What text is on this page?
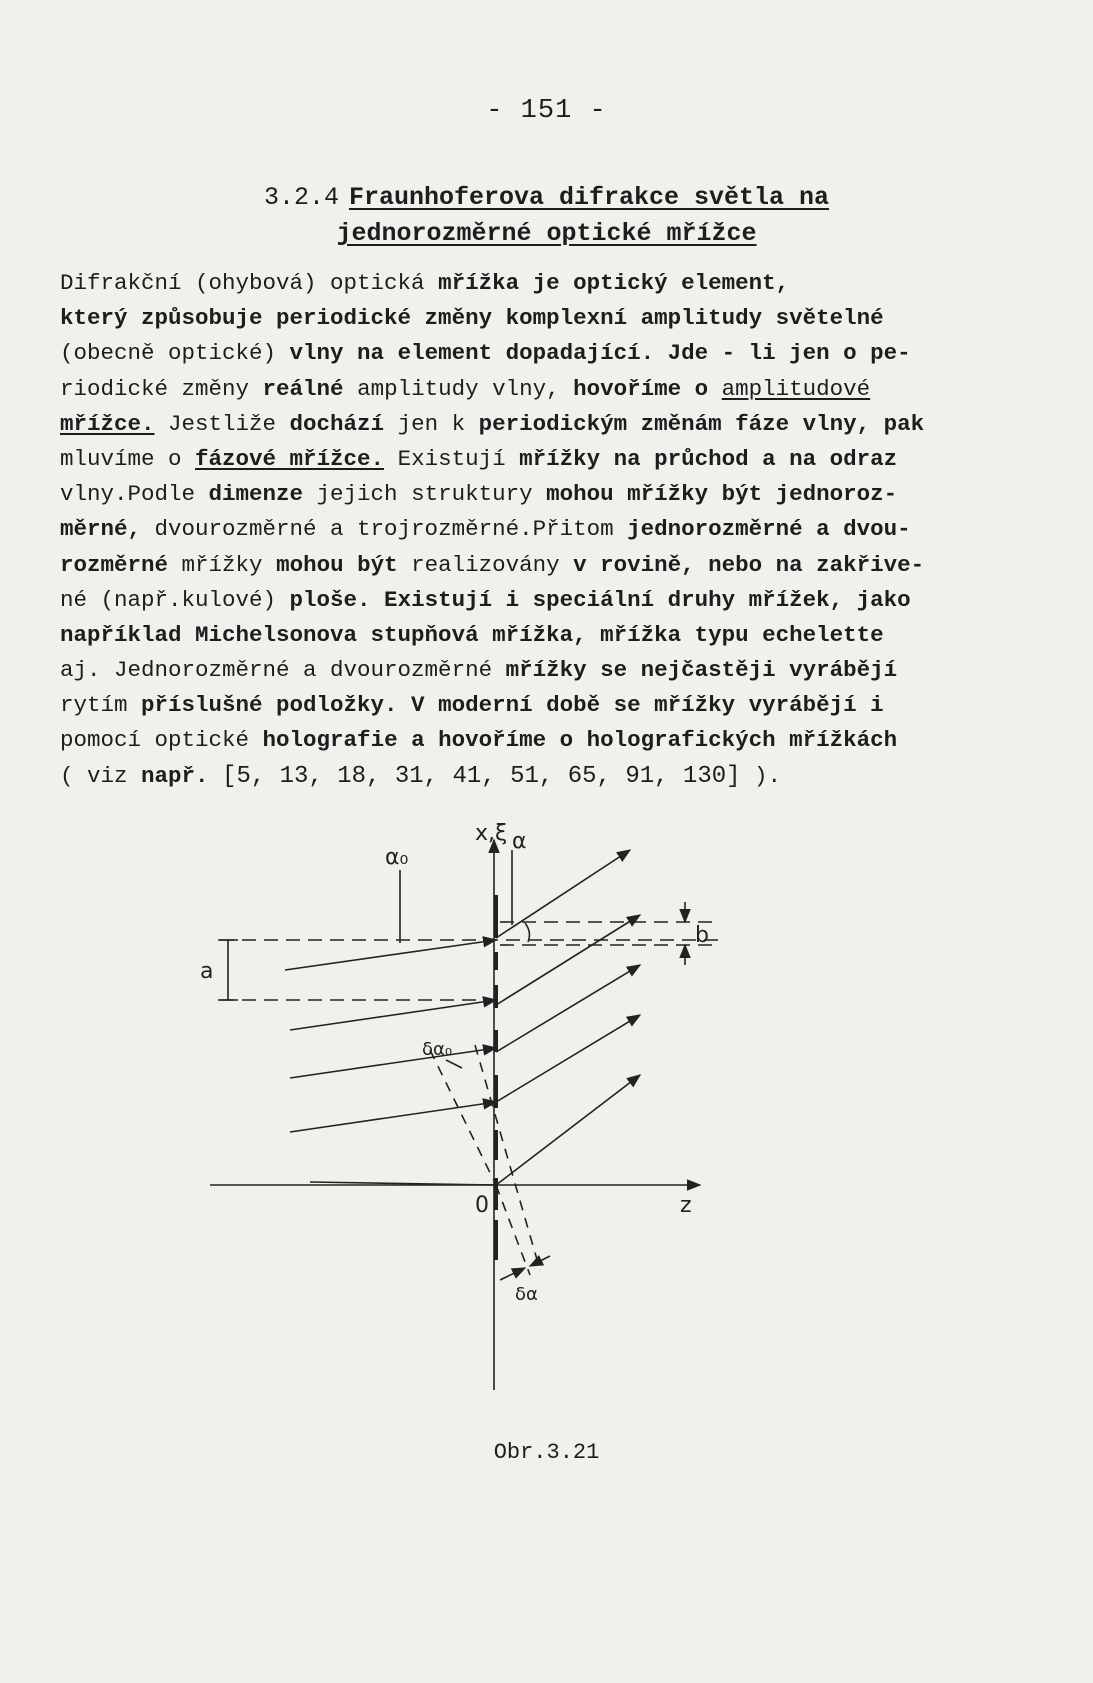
- 151 -
3.2.4 Fraunhoferova difrakce světla na
jednorozměrné optické mřížce
Difrakční (ohybová) optická mřížka je optický element,
který způsobuje periodické změny komplexní amplitudy světelné
(obecně optické) vlny na element dopadající. Jde - li jen o pe-
riodické změny reálné amplitudy vlny, hovoříme o amplitudové
mřížce. Jestliže dochází jen k periodickým změnám fáze vlny, pak
mluvíme o fázové mřížce. Existují mřížky na průchod a na odraz
vlny.Podle dimenze jejich struktury mohou mřížky být jednoroz-
měrné, dvourozměrné a trojrozměrné.Přitom jednorozměrné a dvou-
rozměrné mřížky mohou být realizovány v rovině, nebo na zakřive-
né (např.kulové) ploše. Existují i speciální druhy mřížek, jako
například Michelsonova stupňová mřížka, mřížka typu echelette
aj. Jednorozměrné a dvourozměrné mřížky se nejčastěji vyrábějí
rytím příslušné podložky. V moderní době se mřížky vyrábějí i
pomocí optické holografie a hovoříme o holografických mřížkách
( viz např. [5, 13, 18, 31, 41, 51, 65, 91, 130] ).
x,ξ
z
0
α₀
α
a
b
δα₀
δα
Obr.3.21
